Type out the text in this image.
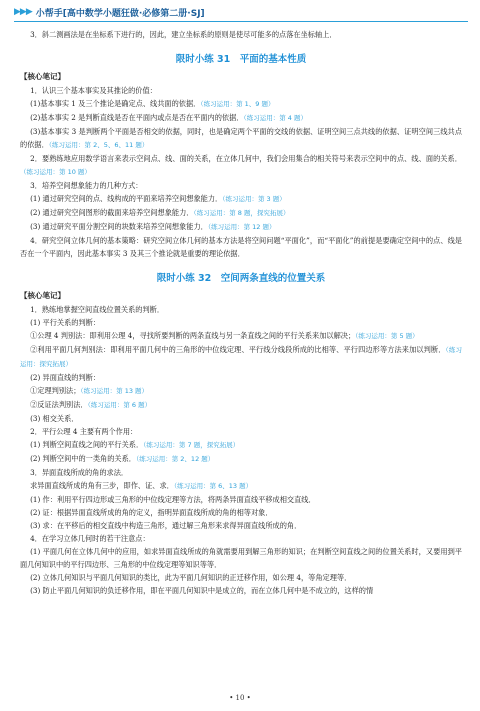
▶▶▶ 小帮手[高中数学小题狂做·必修第二册·SJ]

3．斜二测画法是在坐标系下进行的，因此，建立坐标系的原则是使尽可能多的点落在坐标轴上．

限时小练 31　平面的基本性质
【核心笔记】

1．认识三个基本事实及其推论的价值：

(1)基本事实 1 及三个推论是确定点、线共面的依据．（练习运用：第 1、9 题）

(2)基本事实 2 是判断直线是否在平面内或点是否在平面内的依据．（练习运用：第 4 题）

(3)基本事实 3 是判断两个平面是否相交的依据，同时，也是确定两个平面的交线的依据、证明空间三点共线的依据、证明空间三线共点的依据．（练习运用：第 2、5、6、11 题）

2．要熟练地应用数学语言来表示空间点、线、面的关系，在立体几何中，我们会用集合的相关符号来表示空间中的点、线、面的关系．（练习运用：第 10 题）

3．培养空间想象能力的几种方式：

(1) 通过研究空间的点、线构成的平面来培养空间想象能力．（练习运用：第 3 题）

(2) 通过研究空间图形的截面来培养空间想象能力．（练习运用：第 8 题，探究拓展）

(3) 通过研究平面分割空间的块数来培养空间想象能力．（练习运用：第 12 题）

4．研究空间立体几何的基本策略：研究空间立体几何的基本方法是将空间问题“平面化”，而“平面化”的前提是要确定空间中的点、线是否在一个平面内，因此基本事实 3 及其三个推论就是重要的理论依据．

限时小练 32　空间两条直线的位置关系
【核心笔记】

1．熟练地掌握空间直线位置关系的判断．

(1) 平行关系的判断：

①公理 4 判别法：即利用公理 4，寻找所要判断的两条直线与另一条直线之间的平行关系来加以解决；（练习运用：第 5 题）

②利用平面几何判别法：即利用平面几何中的三角形的中位线定理、平行线分线段所成的比相等、平行四边形等方法来加以判断．（练习运用：探究拓展）

(2) 异面直线的判断：

①定理判别法；（练习运用：第 13 题）

②反证法判别法．（练习运用：第 6 题）

(3) 相交关系．

2．平行公理 4 主要有两个作用：

(1) 判断空间直线之间的平行关系．（练习运用：第 7 题，探究拓展）

(2) 判断空间中的一类角的关系．（练习运用：第 2、12 题）

3．异面直线所成的角的求法．

求异面直线所成的角有三步，即作、证、求．（练习运用：第 6、13 题）

(1) 作：利用平行四边形或三角形的中位线定理等方法，将两条异面直线平移成相交直线．

(2) 证：根据异面直线所成的角的定义，指明异面直线所成的角的相等对象．

(3) 求：在平移后的相交直线中构造三角形，通过解三角形来求得异面直线所成的角．

4．在学习立体几何时的若干注意点：

(1) 平面几何在立体几何中的应用，如求异面直线所成的角就需要用到解三角形的知识；在判断空间直线之间的位置关系时，又要用到平面几何知识中的平行四边形、三角形的中位线定理等知识等等．

(2) 立体几何知识与平面几何知识的类比，此为平面几何知识的正迁移作用，如公理 4，等角定理等．

(3) 防止平面几何知识的负迁移作用，即在平面几何知识中是成立的，而在立体几何中是不成立的，这样的情

• 10 •
